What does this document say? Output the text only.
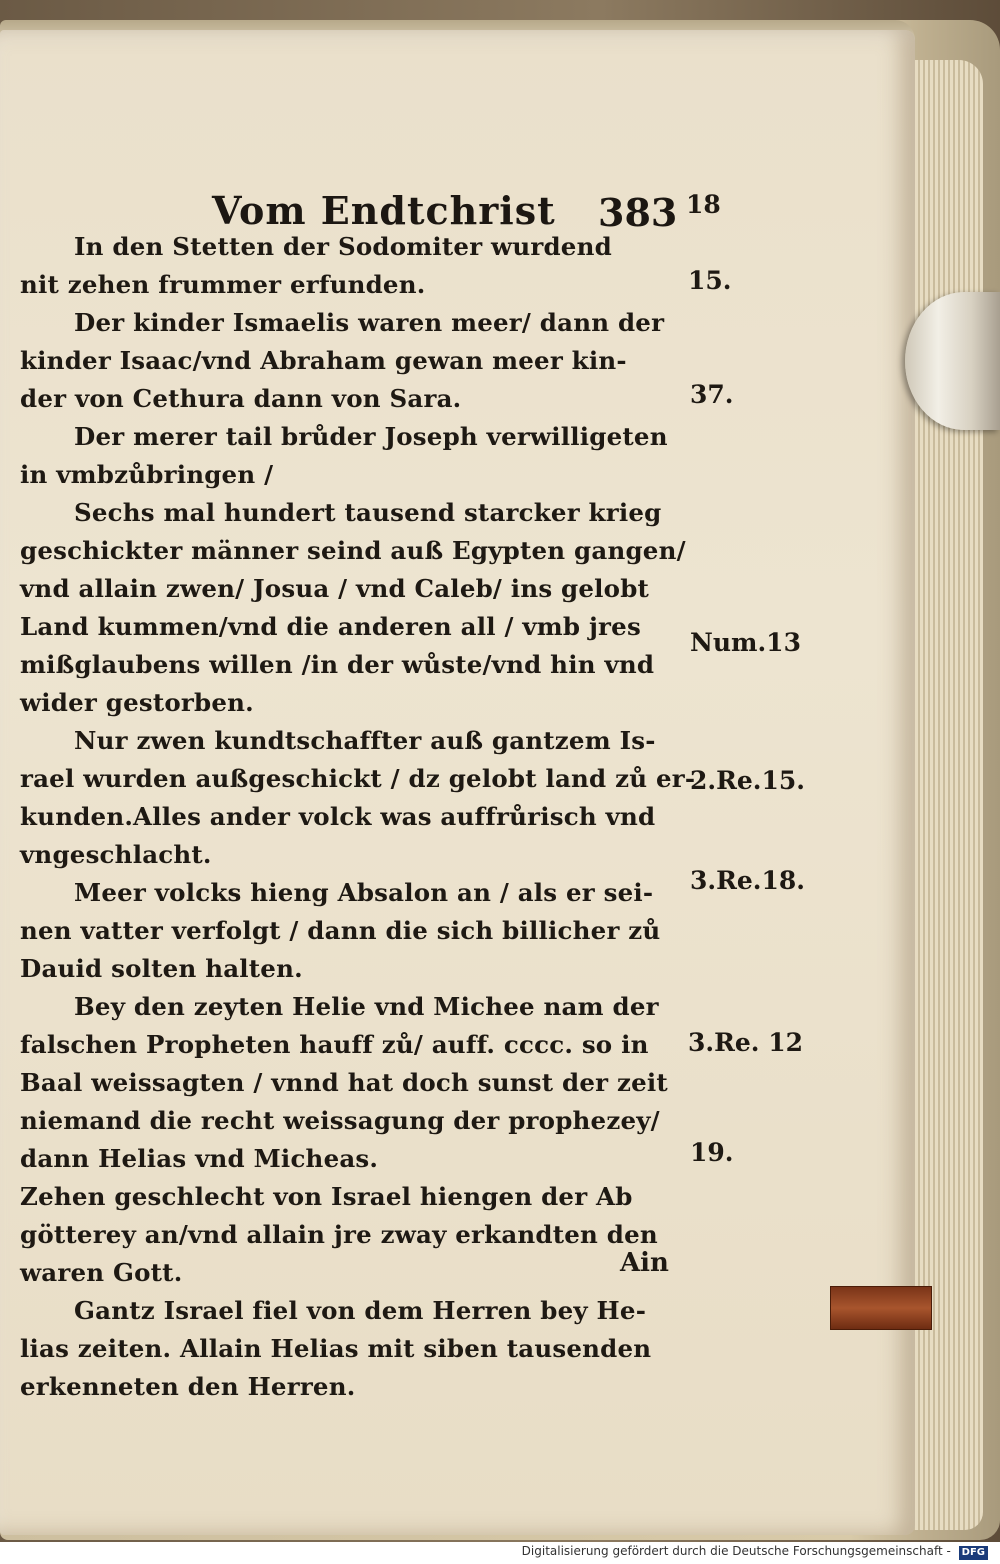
Vom Endtchrist 383
In den Stetten der Sodomiter wurdend
nit zehen frummer erfunden.
Der kinder Ismaelis waren meer/ dann der
kinder Isaac/vnd Abraham gewan meer kin-
der von Cethura dann von Sara.
Der merer tail brůder Joseph verwilligeten
in vmbzůbringen /
Sechs mal hundert tausend starcker krieg
geschickter männer seind auß Egypten gangen/
vnd allain zwen/ Josua / vnd Caleb/ ins gelobt
Land kummen/vnd die anderen all / vmb jres
mißglaubens willen /in der wůste/vnd hin vnd
wider gestorben.
Nur zwen kundtschaffter auß gantzem Is-
rael wurden außgeschickt / dz gelobt land zů er-
kunden.Alles ander volck was auffrůrisch vnd
vngeschlacht.
Meer volcks hieng Absalon an / als er sei-
nen vatter verfolgt / dann die sich billicher zů
Dauid solten halten.
Bey den zeyten Helie vnd Michee nam der
falschen Propheten hauff zů/ auff. cccc. so in
Baal weissagten / vnnd hat doch sunst der zeit
niemand die recht weissagung der prophezey/
dann Helias vnd Micheas.
Zehen geschlecht von Israel hiengen der Ab
götterey an/vnd allain jre zway erkandten den
waren Gott.
Gantz Israel fiel von dem Herren bey He-
lias zeiten. Allain Helias mit siben tausenden
erkenneten den Herren.
18
15.
37.
Num.13
2.Re.15.
3.Re.18.
3.Re. 12
19.
Ain
Digitalisierung gefördert durch die Deutsche Forschungsgemeinschaft - DFG
